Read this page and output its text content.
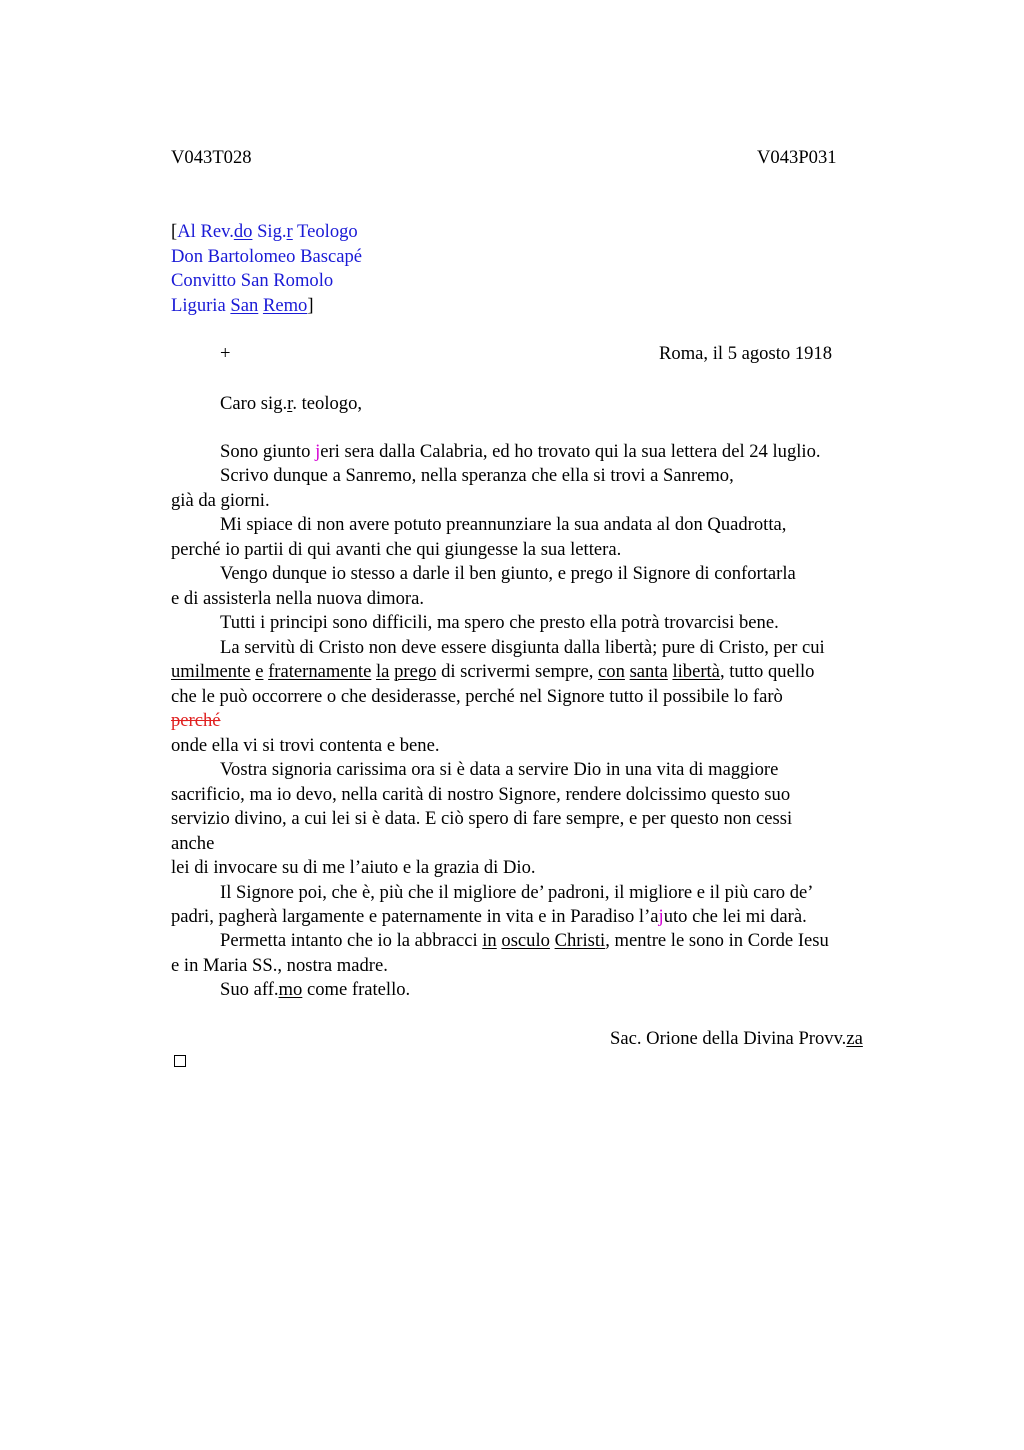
V043T028	V043P031
[Al Rev.do Sig.r Teologo
Don Bartolomeo Bascapé
Convitto San Romolo
Liguria San Remo]
+	Roma, il 5 agosto 1918
Caro sig.r. teologo,
Sono giunto jeri sera dalla Calabria, ed ho trovato qui la sua lettera del 24 luglio.
Scrivo dunque a Sanremo, nella speranza che ella si trovi a Sanremo,
già da giorni.
Mi spiace di non avere potuto preannunziare la sua andata al don Quadrotta,
perché io partii di qui avanti che qui giungesse la sua lettera.
Vengo dunque io stesso a darle il ben giunto, e prego il Signore di confortarla
e di assisterla nella nuova dimora.
Tutti i principi sono difficili, ma spero che presto ella potrà trovarcisi bene.
La servitù di Cristo non deve essere disgiunta dalla libertà; pure di Cristo, per cui
umilmente e fraternamente la prego di scrivermi sempre, con santa libertà, tutto quello
che le può occorrere o che desiderasse, perché nel Signore tutto il possibile lo farò
perché
onde ella vi si trovi contenta e bene.
Vostra signoria carissima ora si è data a servire Dio in una vita di maggiore
sacrificio, ma io devo, nella carità di nostro Signore, rendere dolcissimo questo suo
servizio divino, a cui lei si è data. E ciò spero di fare sempre, e per questo non cessi
anche
lei di invocare su di me l’aiuto e la grazia di Dio.
Il Signore poi, che è, più che il migliore de’ padroni, il migliore e il più caro de’
padri, pagherà largamente e paternamente in vita e in Paradiso l’ajuto che lei mi darà.
Permetta intanto che io la abbracci in osculo Christi, mentre le sono in Corde Iesu
e in Maria SS., nostra madre.
Suo aff.mo come fratello.
Sac. Orione della Divina Provv.za
